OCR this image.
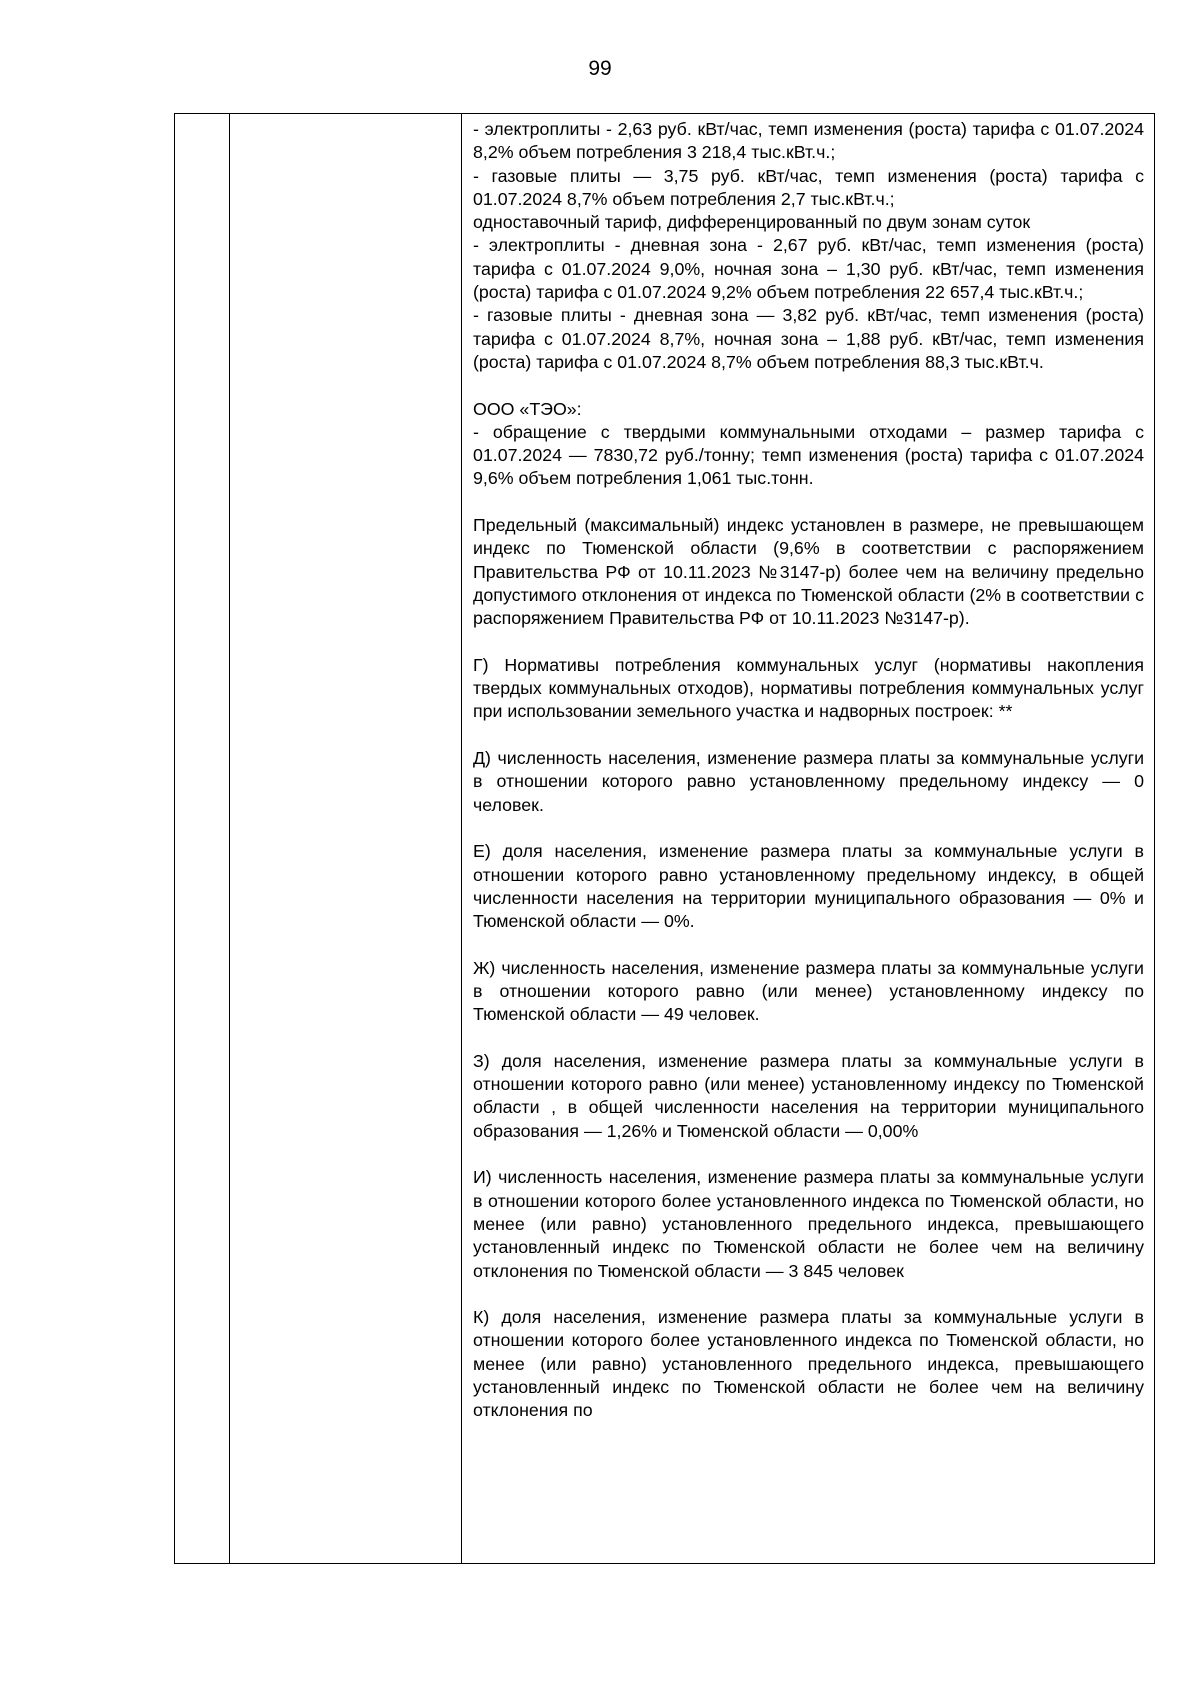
99

- электроплиты - 2,63 руб. кВт/час, темп изменения (роста) тарифа с 01.07.2024 8,2% объем потребления 3 218,4 тыс.кВт.ч.;

- газовые плиты — 3,75 руб. кВт/час, темп изменения (роста) тарифа с 01.07.2024 8,7% объем потребления 2,7 тыс.кВт.ч.;

одноставочный тариф, дифференцированный по двум зонам суток

- электроплиты - дневная зона - 2,67 руб. кВт/час, темп изменения (роста) тарифа с 01.07.2024 9,0%, ночная зона – 1,30 руб. кВт/час, темп изменения (роста) тарифа с 01.07.2024 9,2% объем потребления 22 657,4 тыс.кВт.ч.;

- газовые плиты - дневная зона — 3,82 руб. кВт/час, темп изменения (роста) тарифа с 01.07.2024 8,7%, ночная зона – 1,88 руб. кВт/час, темп изменения (роста) тарифа с 01.07.2024 8,7% объем потребления 88,3 тыс.кВт.ч.

ООО «ТЭО»:

- обращение с твердыми коммунальными отходами – размер тарифа с 01.07.2024 — 7830,72 руб./тонну; темп изменения (роста) тарифа с 01.07.2024 9,6% объем потребления 1,061 тыс.тонн.

Предельный (максимальный) индекс установлен в размере, не превышающем индекс по Тюменской области (9,6% в соответствии с распоряжением Правительства РФ от 10.11.2023 №3147-р) более чем на величину предельно допустимого отклонения от индекса по Тюменской области (2% в соответствии с распоряжением Правительства РФ от 10.11.2023 №3147-р).

Г) Нормативы потребления коммунальных услуг (нормативы накопления твердых коммунальных отходов), нормативы потребления коммунальных услуг при использовании земельного участка и надворных построек: **

Д) численность населения, изменение размера платы за коммунальные услуги в отношении которого равно установленному предельному индексу — 0 человек.

Е) доля населения, изменение размера платы за коммунальные услуги в отношении которого равно установленному предельному индексу, в общей численности населения на территории муниципального образования — 0% и Тюменской области — 0%.

Ж) численность населения, изменение размера платы за коммунальные услуги в отношении которого равно (или менее) установленному индексу по Тюменской области — 49 человек.

З) доля населения, изменение размера платы за коммунальные услуги в отношении которого равно (или менее) установленному индексу по Тюменской области , в общей численности населения на территории муниципального образования — 1,26% и Тюменской области — 0,00%

И) численность населения, изменение размера платы за коммунальные услуги в отношении которого более установленного индекса по Тюменской области, но менее (или равно) установленного предельного индекса, превышающего установленный индекс по Тюменской области не более чем на величину отклонения по Тюменской области — 3 845 человек

К) доля населения, изменение размера платы за коммунальные услуги в отношении которого более установленного индекса по Тюменской области, но менее (или равно) установленного предельного индекса, превышающего установленный индекс по Тюменской области не более чем на величину отклонения по
